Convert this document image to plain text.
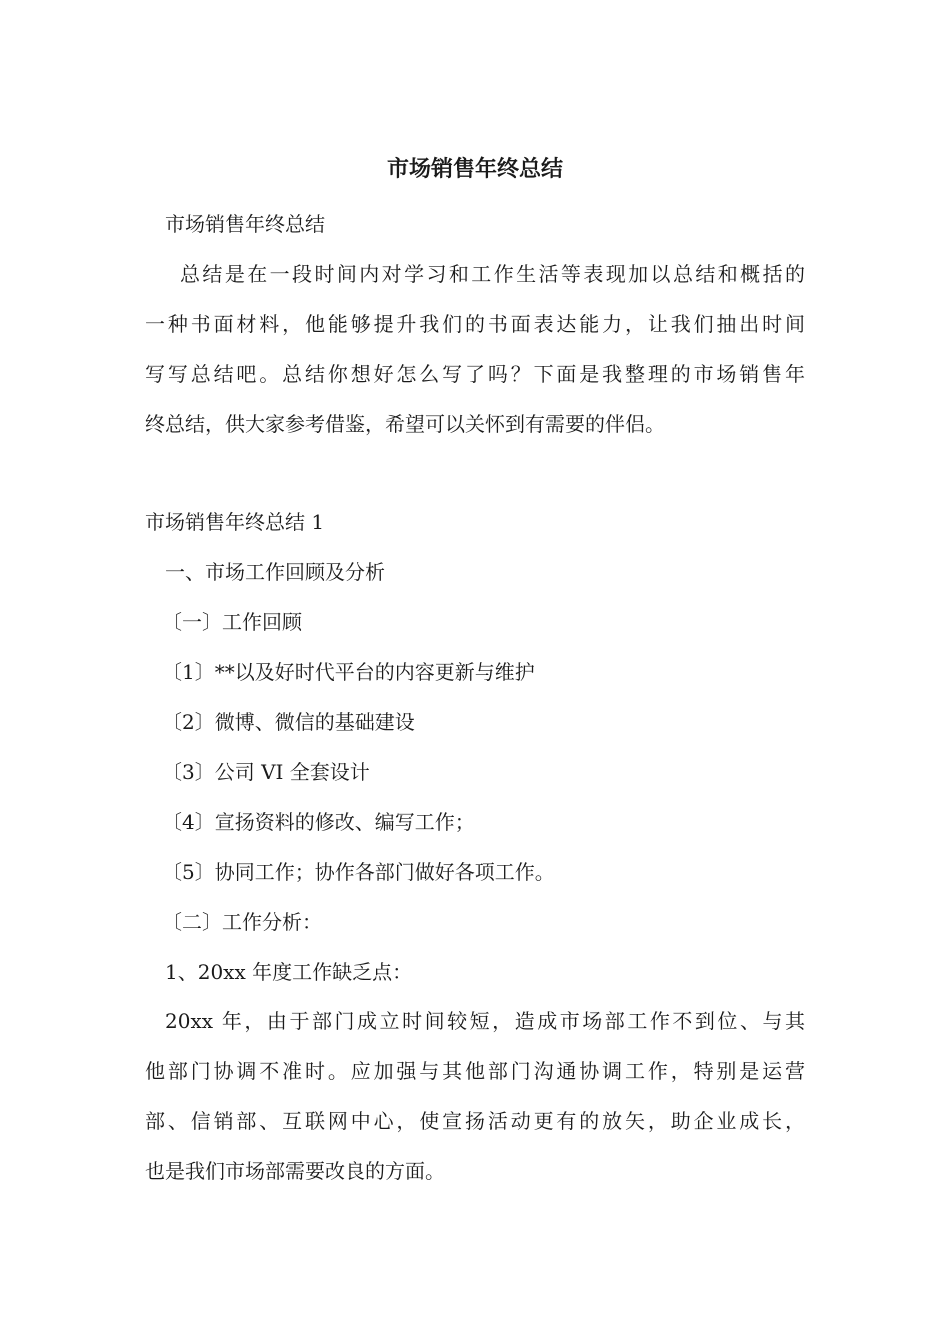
市场销售年终总结

市场销售年终总结

总结是在一段时间内对学习和工作生活等表现加以总结和概括的

一种书面材料，他能够提升我们的书面表达能力，让我们抽出时间

写写总结吧。总结你想好怎么写了吗？下面是我整理的市场销售年

终总结，供大家参考借鉴，希望可以关怀到有需要的伴侣。

市场销售年终总结 1

一、市场工作回顾及分析

〔一〕工作回顾

〔1〕**以及好时代平台的内容更新与维护

〔2〕微博、微信的基础建设

〔3〕公司 VI 全套设计

〔4〕宣扬资料的修改、编写工作；

〔5〕协同工作；协作各部门做好各项工作。

〔二〕工作分析：

1、20xx 年度工作缺乏点：

20xx 年，由于部门成立时间较短，造成市场部工作不到位、与其

他部门协调不准时。应加强与其他部门沟通协调工作，特别是运营

部、信销部、互联网中心，使宣扬活动更有的放矢，助企业成长，

也是我们市场部需要改良的方面。
